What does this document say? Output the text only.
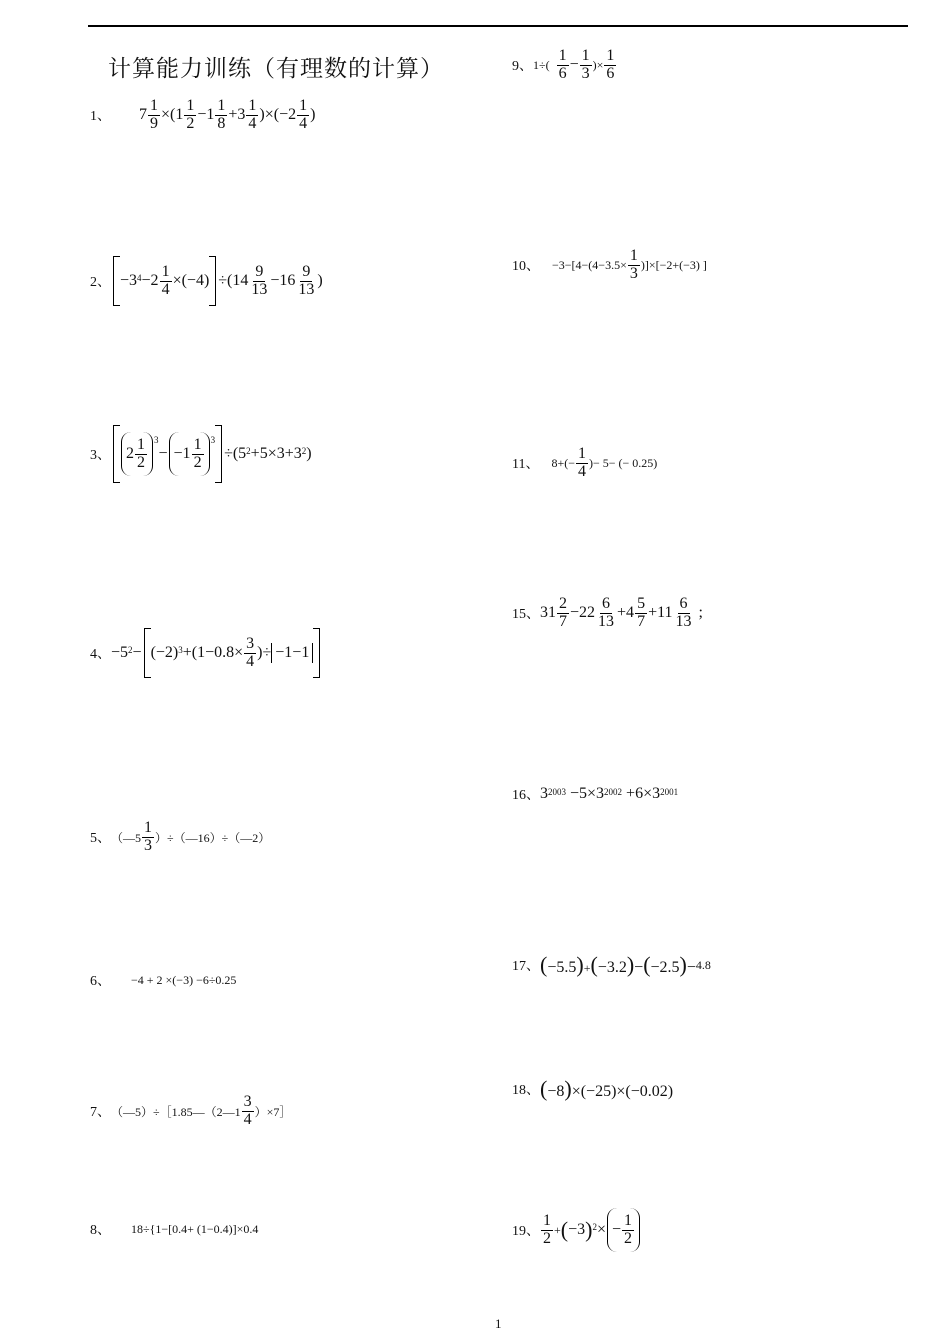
计算能力训练（有理数的计算）
1、 $7 \frac{1}{9} \times(1 \frac{1}{2} -1 \frac{1}{8} +3 \frac{1}{4} )\times(-2 \frac{1}{4}$ )
2、 −3 $4 -2 \frac{1}{4} \times(-4) \div(14 \frac{9}{13} -16 \frac{9}{13}$ )
3、 $2 \frac{1}{2} 3$
− $-1 \frac{1}{2} 3$
÷(5 2 +5×3+3 2 )
4、 −5 2 − (−2) $3 +(1-0.8\times \frac{3}{4}$ )÷ −1−1
5、 （—5 $\frac{1}{3}$ ）÷（—16）÷（—2）
6、 −4 + 2 ×(−3) −6÷0.25
7、 （—5）÷［1.85—（2—1 $\frac{3}{4}$ ）×7］
8、 18÷{1−[0.4+ (1−0.4)]×0.4
9、 $1\div( \frac{1}{6} - \frac{1}{3}$ )× $\frac{1}{6}$
10、 $-3-[4-(4-3.5\times \frac{1}{3} )]\times[-2+(-3)$ ]
11、 $8+(- \frac{1}{4}$ )− 5− (− 0.25)
15、 $31 \frac{2}{7} -22 \frac{6}{13} +4 \frac{5}{7} +11 \frac{6}{13}$ ;
16、 32003 −5×32002 +6×32001
17、 (−5.5)+(−3.2)−(−2.5)− 4.8
18、 (−8)×(−25)×(−0.02)
19、 $\frac{1}{2}$ + ( −3 ) 2 × − $\frac{1}{2}$
1
